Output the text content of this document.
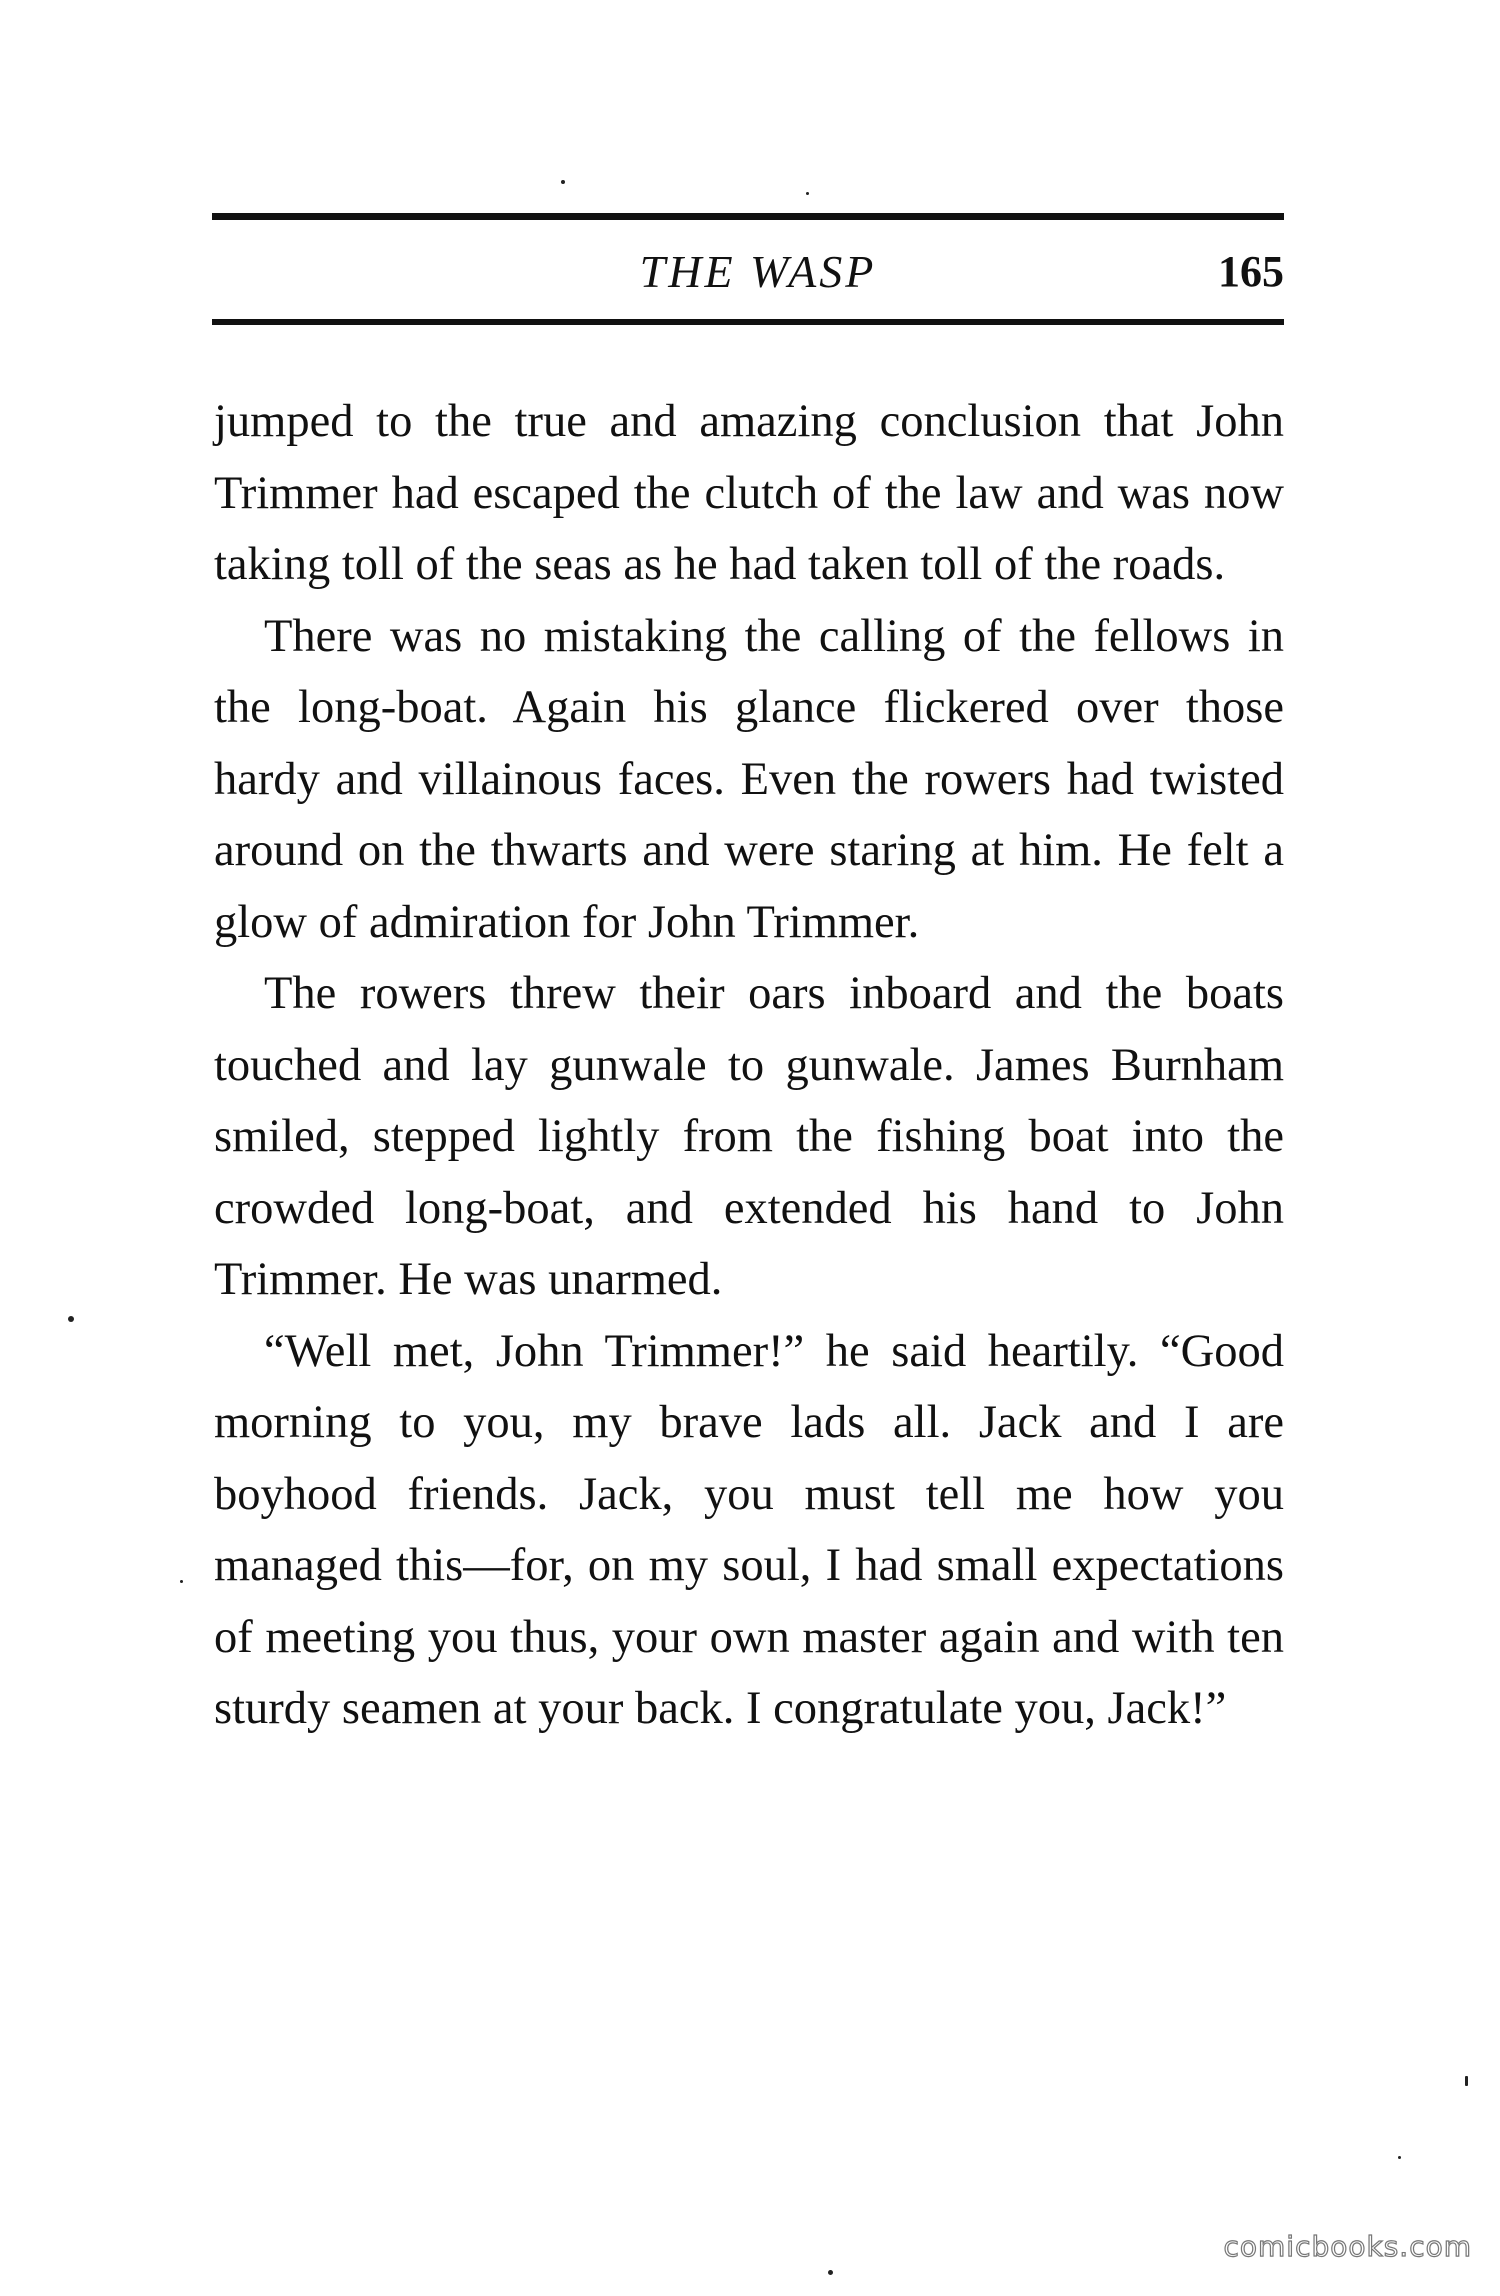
THE WASP	165

jumped to the true and amazing conclusion that John Trimmer had escaped the clutch of the law and was now taking toll of the seas as he had taken toll of the roads.

There was no mistaking the calling of the fellows in the long-boat. Again his glance flickered over those hardy and villainous faces. Even the rowers had twisted around on the thwarts and were staring at him. He felt a glow of admiration for John Trimmer.

The rowers threw their oars inboard and the boats touched and lay gunwale to gunwale. James Burnham smiled, stepped lightly from the fishing boat into the crowded long-boat, and extended his hand to John Trimmer. He was unarmed.

“Well met, John Trimmer!” he said heartily. “Good morning to you, my brave lads all. Jack and I are boyhood friends. Jack, you must tell me how you managed this—for, on my soul, I had small expectations of meeting you thus, your own master again and with ten sturdy seamen at your back. I congratulate you, Jack!”

comicbooks.com
